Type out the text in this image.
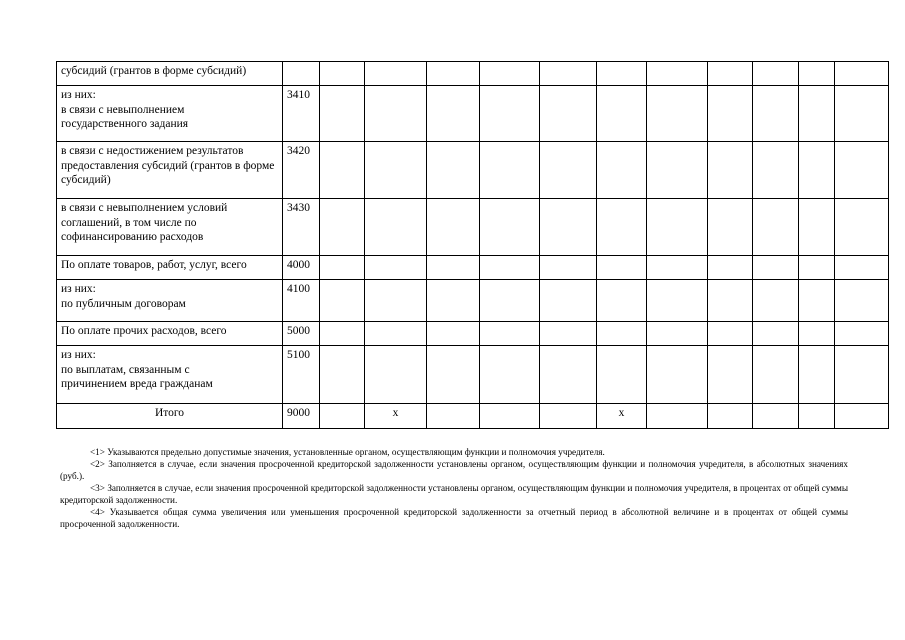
субсидий (грантов в форме субсидий)												
из них:
в связи с невыполнением
государственного задания	3410											
в связи с недостижением результатов предоставления субсидий (грантов в форме субсидий)	3420											
в связи с невыполнением условий соглашений, в том числе по софинансированию расходов	3430											
По оплате товаров, работ, услуг, всего	4000											
из них:
по публичным договорам	4100											
По оплате прочих расходов, всего	5000											
из них:
по выплатам, связанным с
причинением вреда гражданам	5100											
Итого	9000		x				x					

<1> Указываются предельно допустимые значения, установленные органом, осуществляющим функции и полномочия учредителя.

<2> Заполняется в случае, если значения просроченной кредиторской задолженности установлены органом, осуществляющим функции и полномочия учредителя, в абсолютных значениях (руб.).

<3> Заполняется в случае, если значения просроченной кредиторской задолженности установлены органом, осуществляющим функции и полномочия учредителя, в процентах от общей суммы кредиторской задолженности.

<4> Указывается общая сумма увеличения или уменьшения просроченной кредиторской задолженности за отчетный период в абсолютной величине и в процентах от общей суммы просроченной задолженности.
